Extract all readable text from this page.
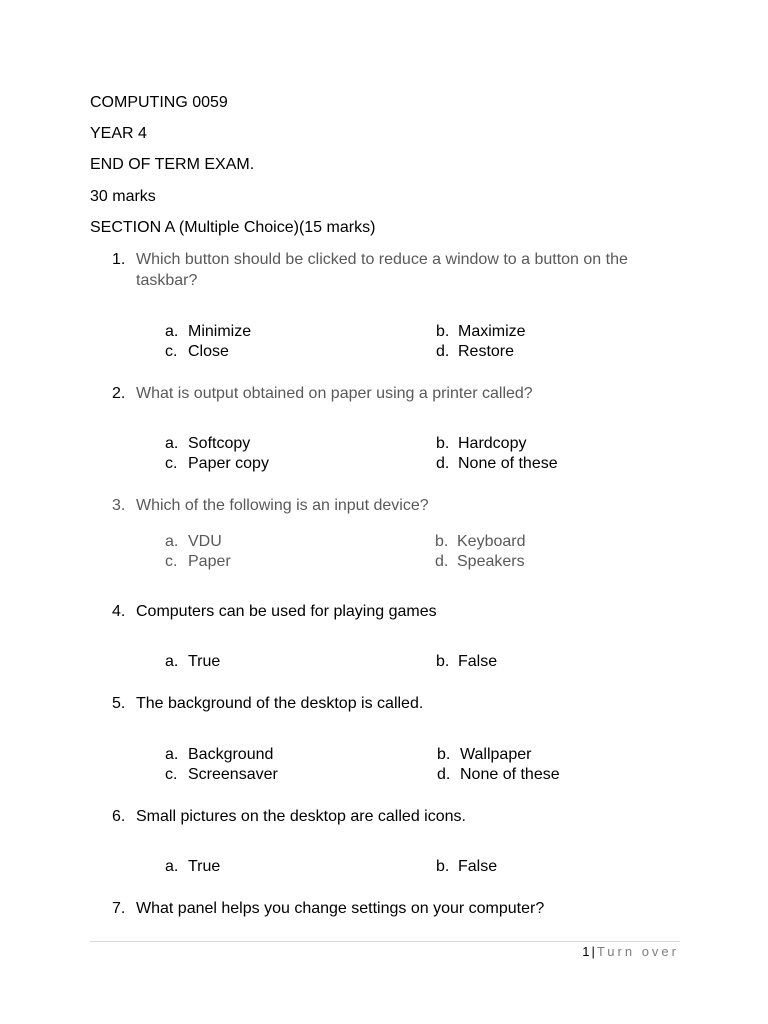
COMPUTING 0059
YEAR 4
END OF TERM EXAM.
30 marks
SECTION A (Multiple Choice)(15 marks)
1. Which button should be clicked to reduce a window to a button on the taskbar?
a. Minimize	b. Maximize
c. Close	d. Restore
2. What is output obtained on paper using a printer called?
a. Softcopy	b. Hardcopy
c. Paper copy	d. None of these
3. Which of the following is an input device?
a. VDU	b. Keyboard
c. Paper	d. Speakers
4. Computers can be used for playing games
a. True	b. False
5. The background of the desktop is called.
a. Background	b. Wallpaper
c. Screensaver	d. None of these
6. Small pictures on the desktop are called icons.
a. True	b. False
7. What panel helps you change settings on your computer?
1 | Turn over
